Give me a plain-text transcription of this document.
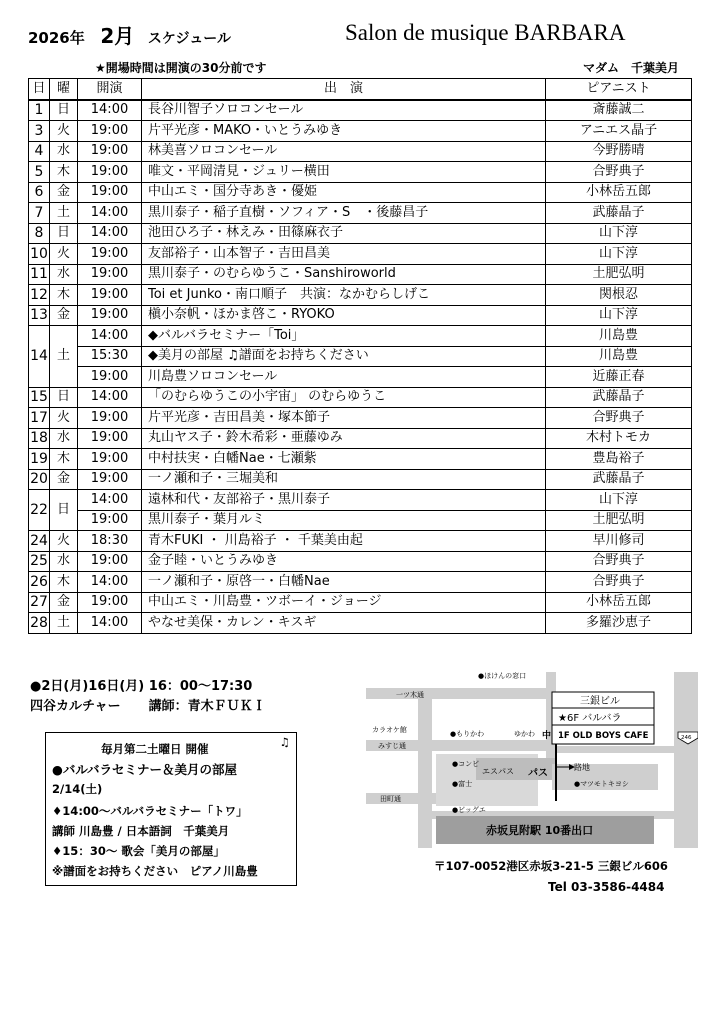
2026年 2月 スケジュール	Salon de musique BARBARA
★開場時間は開演の30分前です	マダム　千葉美月
日	曜	開演	出　演	ピアニスト
1	日	14:00	長谷川智子ソロコンセール	斎藤誠二
3	火	19:00	片平光彦・MAKO・いとうみゆき	アニエス晶子
4	水	19:00	林美喜ソロコンセール	今野勝晴
5	木	19:00	唯文・平岡清見・ジュリー横田	合野典子
6	金	19:00	中山エミ・国分寺あき・優姫	小林岳五郎
7	土	14:00	黒川泰子・稲子直樹・ソフィア・S　・後藤昌子	武藤晶子
8	日	14:00	池田ひろ子・林えみ・田篠麻衣子	山下淳
10	火	19:00	友部裕子・山本智子・吉田昌美	山下淳
11	水	19:00	黒川泰子・のむらゆうこ・Sanshiroworld	土肥弘明
12	木	19:00	Toi et Junko・南口順子　共演：なかむらしげこ	関根忍
13	金	19:00	槇小奈帆・ほかま啓こ・RYOKO	山下淳
14	土	14:00	◆バルバラセミナー「Toi」	川島豊
		15:30	◆美月の部屋 ♫譜面をお持ちください	川島豊
		19:00	川島豊ソロコンセール	近藤正春
15	日	14:00	「のむらゆうこの小宇宙」 のむらゆうこ	武藤晶子
17	火	19:00	片平光彦・吉田昌美・塚本節子	合野典子
18	水	19:00	丸山ヤス子・鈴木希彩・亜藤ゆみ	木村トモカ
19	木	19:00	中村扶実・白幡Nae・七瀬紫	豊島裕子
20	金	19:00	一ノ瀬和子・三堀美和	武藤晶子
22	日	14:00	遠林和代・友部裕子・黒川泰子	山下淳
		19:00	黒川泰子・葉月ルミ	土肥弘明
24	火	18:30	青木FUKI ・ 川島裕子 ・ 千葉美由起	早川修司
25	水	19:00	金子睦・いとうみゆき	合野典子
26	木	14:00	一ノ瀬和子・原啓一・白幡Nae	合野典子
27	金	19:00	中山エミ・川島豊・ツボーイ・ジョージ	小林岳五郎
28	土	14:00	やなせ美保・カレン・キスギ	多羅沙恵子
●2日(月)16日(月) 16：00〜17:30
四谷カルチャー 講師：青木ＦＵＫＩ
毎月第二土曜日 開催	♫
●バルバラセミナー＆美月の部屋
2/14(土)
♦14:00〜バルバラセミナー「トワ」
講師 川島豊 / 日本語詞　千葉美月
♦15：30〜 歌会「美月の部屋」
※譜面をお持ちください　ピアノ川島豊
●ほけんの窓口
一ツ木通
カラオケ館
みすじ通
田町通
●もりかわ	ゆかわ 中
●コンビ
●富士
●ビッグエ
エスパス パス
三銀ビル
★6F バルバラ
1F OLD BOYS CAFE	246
路地
●マツモトキヨシ
赤坂見附駅 10番出口
〒107-0052港区赤坂3-21-5 三銀ビル606
Tel 03-3586-4484
